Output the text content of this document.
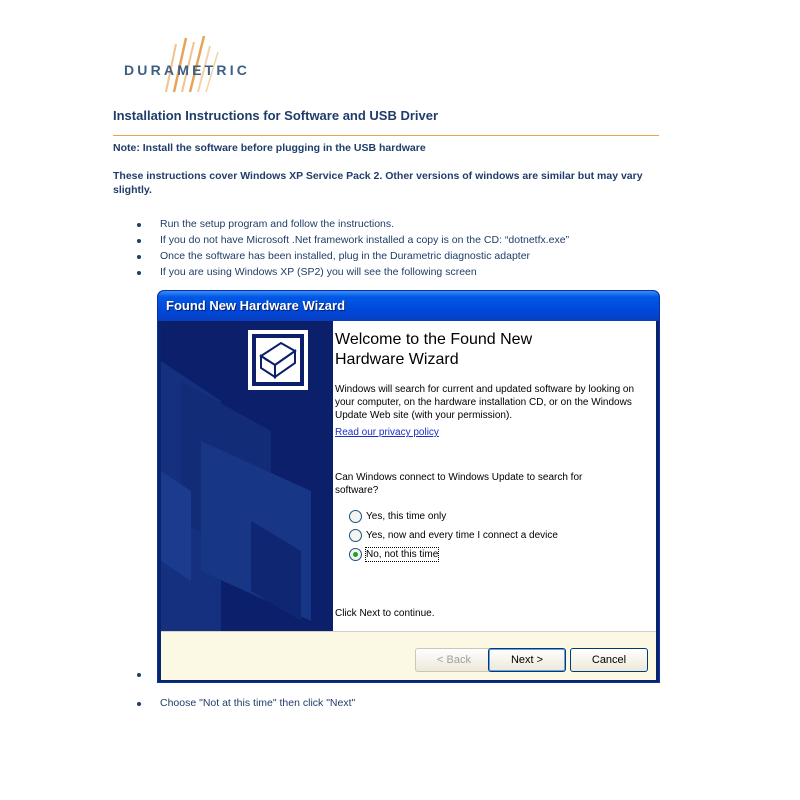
DURAMETRIC
Installation Instructions for Software and USB Driver
Note: Install the software before plugging in the USB hardware
These instructions cover Windows XP Service Pack 2. Other versions of windows are similar but may vary slightly.
Run the setup program and follow the instructions.
If you do not have Microsoft .Net framework installed a copy is on the CD: “dotnetfx.exe”
Once the software has been installed, plug in the Durametric diagnostic adapter
If you are using Windows XP (SP2) you will see the following screen
Found New Hardware Wizard
Welcome to the Found New
Hardware Wizard
Windows will search for current and updated software by looking on your computer, on the hardware installation CD, or on the Windows Update Web site (with your permission).
Read our privacy policy
Can Windows connect to Windows Update to search for software?
Yes, this time only
Yes, now and every time I connect a device
No, not this time
Click Next to continue.
< Back	Next >	Cancel
Choose "Not at this time" then click "Next"
